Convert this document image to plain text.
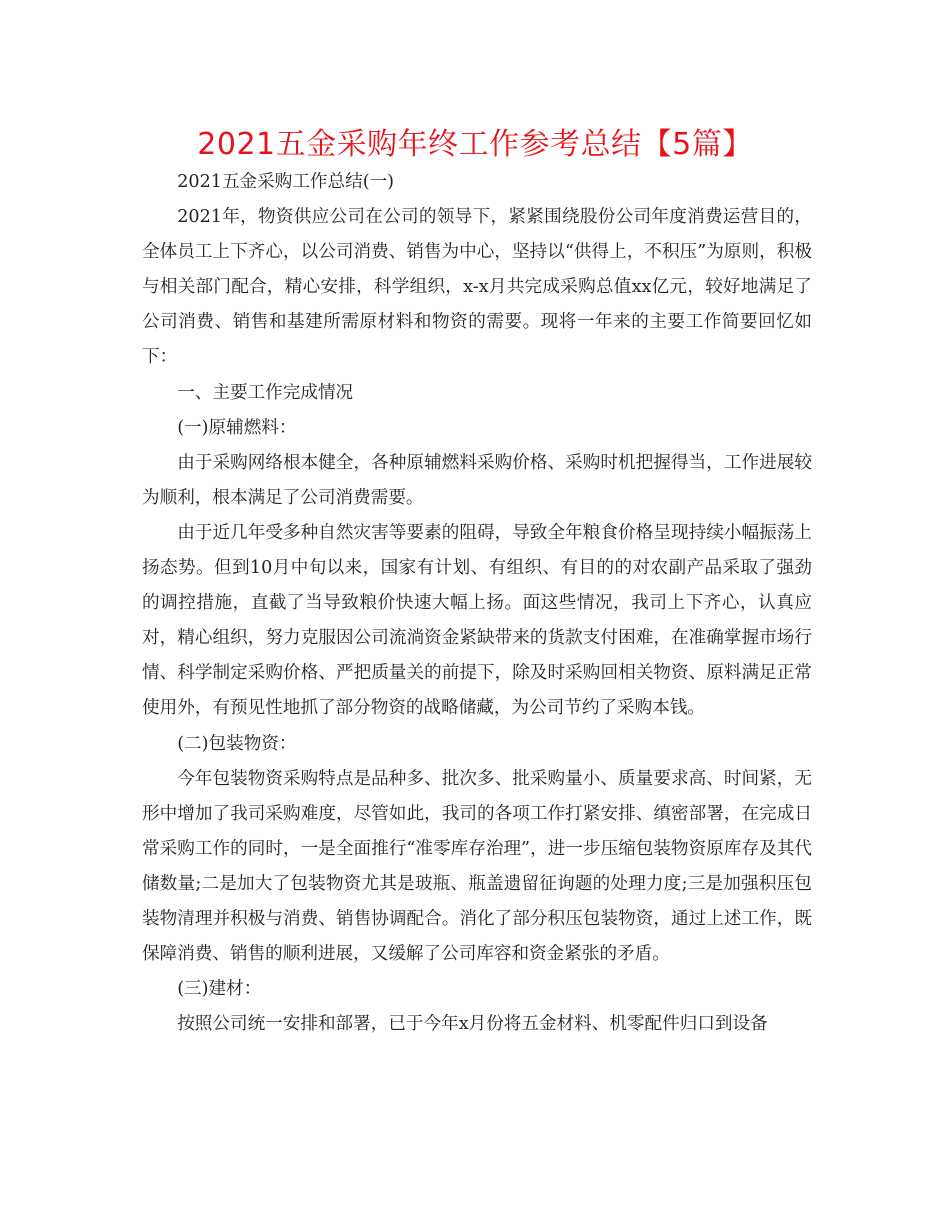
2021五金采购年终工作参考总结【5篇】

2021五金采购工作总结(一)

2021年，物资供应公司在公司的领导下，紧紧围绕股份公司年度消费运营目的，全体员工上下齐心，以公司消费、销售为中心，坚持以“供得上，不积压”为原则，积极与相关部门配合，精心安排，科学组织，x-x月共完成采购总值xx亿元，较好地满足了公司消费、销售和基建所需原材料和物资的需要。现将一年来的主要工作简要回忆如下：

一、主要工作完成情况

(一)原辅燃料：

由于采购网络根本健全，各种原辅燃料采购价格、采购时机把握得当，工作进展较为顺利，根本满足了公司消费需要。

由于近几年受多种自然灾害等要素的阻碍，导致全年粮食价格呈现持续小幅振荡上扬态势。但到10月中旬以来，国家有计划、有组织、有目的的对农副产品采取了强劲的调控措施，直截了当导致粮价快速大幅上扬。面这些情况，我司上下齐心，认真应对，精心组织，努力克服因公司流淌资金紧缺带来的货款支付困难，在准确掌握市场行情、科学制定采购价格、严把质量关的前提下，除及时采购回相关物资、原料满足正常使用外，有预见性地抓了部分物资的战略储藏，为公司节约了采购本钱。

(二)包装物资：

今年包装物资采购特点是品种多、批次多、批采购量小、质量要求高、时间紧，无形中增加了我司采购难度，尽管如此，我司的各项工作打紧安排、缜密部署，在完成日常采购工作的同时，一是全面推行“准零库存治理”，进一步压缩包装物资原库存及其代储数量;二是加大了包装物资尤其是玻瓶、瓶盖遗留征询题的处理力度;三是加强积压包装物清理并积极与消费、销售协调配合。消化了部分积压包装物资，通过上述工作，既保障消费、销售的顺利进展，又缓解了公司库容和资金紧张的矛盾。

(三)建材：

按照公司统一安排和部署，已于今年x月份将五金材料、机零配件归口到设备
